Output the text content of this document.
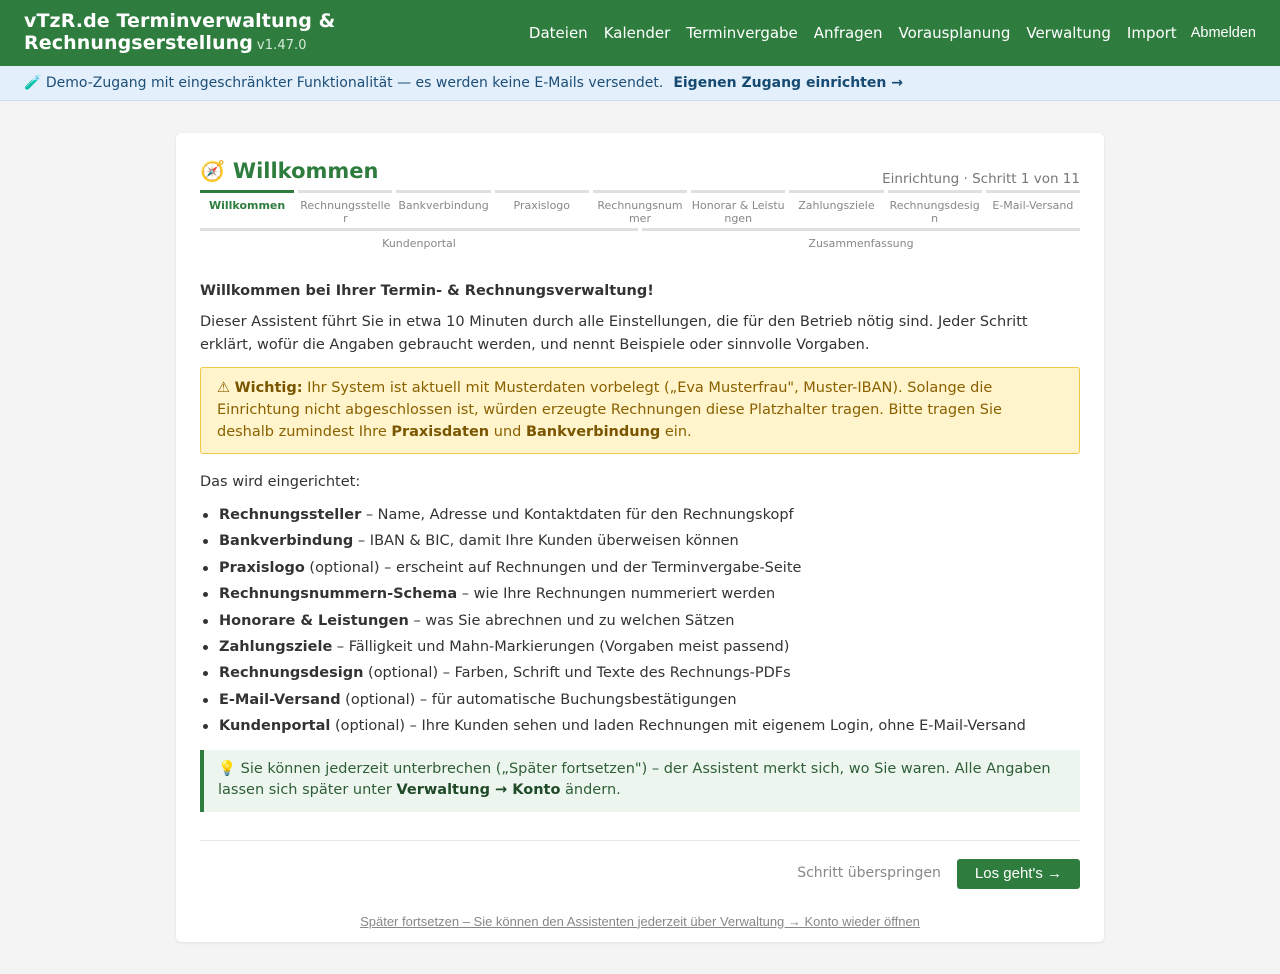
vTzR.de Terminverwaltung &
Rechnungserstellung v1.47.0
Dateien Kalender Terminvergabe Anfragen Vorausplanung Verwaltung Import Abmelden
🧪
Demo-Zugang mit eingeschränkter Funktionalität — es werden keine E-Mails versendet. Eigenen Zugang einrichten →
🧭 Willkommen	Einrichtung · Schritt 1 von 11
Willkommen	Rechnungssteller
Bankverbindung	Praxislogo	Rechnungsnummer
Honorar & Leistungen
Zahlungsziele	Rechnungsdesign
E-Mail-Versand
Kundenportal	Zusammenfassung

Willkommen bei Ihrer Termin- & Rechnungsverwaltung!

Dieser Assistent führt Sie in etwa 10 Minuten durch alle Einstellungen, die für den Betrieb nötig sind. Jeder Schritt erklärt, wofür die Angaben gebraucht werden, und nennt Beispiele oder sinnvolle Vorgaben.

⚠ Wichtig: Ihr System ist aktuell mit Musterdaten vorbelegt („Eva Musterfrau", Muster-IBAN). Solange die Einrichtung nicht abgeschlossen ist, würden erzeugte Rechnungen diese Platzhalter tragen. Bitte tragen Sie deshalb zumindest Ihre Praxisdaten und Bankverbindung ein.

Das wird eingerichtet:

Rechnungssteller – Name, Adresse und Kontaktdaten für den Rechnungskopf
Bankverbindung – IBAN & BIC, damit Ihre Kunden überweisen können
Praxislogo (optional) – erscheint auf Rechnungen und der Terminvergabe-Seite
Rechnungsnummern-Schema – wie Ihre Rechnungen nummeriert werden
Honorare & Leistungen – was Sie abrechnen und zu welchen Sätzen
Zahlungsziele – Fälligkeit und Mahn-Markierungen (Vorgaben meist passend)
Rechnungsdesign (optional) – Farben, Schrift und Texte des Rechnungs-PDFs
E-Mail-Versand (optional) – für automatische Buchungsbestätigungen
Kundenportal (optional) – Ihre Kunden sehen und laden Rechnungen mit eigenem Login, ohne E-Mail-Versand
💡 Sie können jederzeit unterbrechen („Später fortsetzen") – der Assistent merkt sich, wo Sie waren. Alle Angaben lassen sich später unter Verwaltung → Konto ändern.
Schritt überspringen	Los geht's →
Später fortsetzen – Sie können den Assistenten jederzeit über Verwaltung → Konto wieder öffnen
